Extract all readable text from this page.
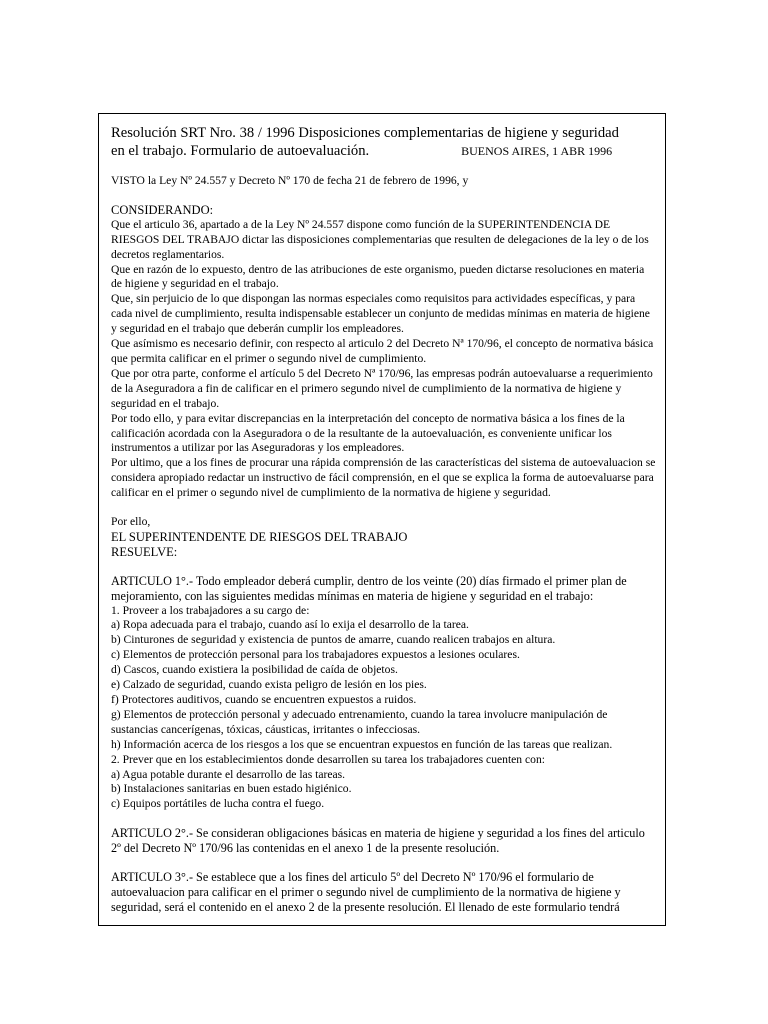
Resolución SRT Nro. 38 / 1996 Disposiciones complementarias de higiene y seguridad
en el trabajo. Formulario de autoevaluación.	BUENOS AIRES, 1 ABR 1996

VISTO la Ley Nº 24.557 y Decreto Nº 170 de fecha 21 de febrero de 1996, y

CONSIDERANDO:

Que el articulo 36, apartado a de la Ley Nº 24.557 dispone como función de la SUPERINTENDENCIA DE RIESGOS DEL TRABAJO dictar las disposiciones complementarias que resulten de delegaciones de la ley o de los decretos reglamentarios.

Que en razón de lo expuesto, dentro de las atribuciones de este organismo, pueden dictarse resoluciones en materia de higiene y seguridad en el trabajo.

Que, sin perjuicio de lo que dispongan las normas especiales como requisitos para actividades específicas, y para cada nivel de cumplimiento, resulta indispensable establecer un conjunto de medidas mínimas en materia de higiene y seguridad en el trabajo que deberán cumplir los empleadores.

Que asímismo es necesario definir, con respecto al articulo 2 del Decreto Nª 170/96, el concepto de normativa básica que permita calificar en el primer o segundo nivel de cumplimiento.

Que por otra parte, conforme el artículo 5 del Decreto Nª 170/96, las empresas podrán autoevaluarse a requerimiento de la Aseguradora a fin de calificar en el primero segundo nivel de cumplimiento de la normativa de higiene y seguridad en el trabajo.

Por todo ello, y para evitar discrepancias en la interpretación del concepto de normativa básica a los fines de la calificación acordada con la Aseguradora o de la resultante de la autoevaluación, es conveniente unificar los instrumentos a utilizar por las Aseguradoras y los empleadores.

Por ultimo, que a los fines de procurar una rápida comprensión de las características del sistema de autoevaluacion se considera apropiado redactar un instructivo de fácil comprensión, en el que se explica la forma de autoevaluarse para calificar en el primer o segundo nivel de cumplimiento de la normativa de higiene y seguridad.

Por ello,

EL SUPERINTENDENTE DE RIESGOS DEL TRABAJO

RESUELVE:

ARTICULO 1°.- Todo empleador deberá cumplir, dentro de los veinte (20) días firmado el primer plan de mejoramiento, con las siguientes medidas mínimas en materia de higiene y seguridad en el trabajo:

1. Proveer a los trabajadores a su cargo de:

a) Ropa adecuada para el trabajo, cuando así lo exija el desarrollo de la tarea.

b) Cinturones de seguridad y existencia de puntos de amarre, cuando realicen trabajos en altura.

c) Elementos de protección personal para los trabajadores expuestos a lesiones oculares.

d) Cascos, cuando existiera la posibilidad de caída de objetos.

e) Calzado de seguridad, cuando exista peligro de lesión en los pies.

f) Protectores auditivos, cuando se encuentren expuestos a ruidos.

g) Elementos de protección personal y adecuado entrenamiento, cuando la tarea involucre manipulación de sustancias cancerígenas, tóxicas, cáusticas, irritantes o infecciosas.

h) Información acerca de los riesgos a los que se encuentran expuestos en función de las tareas que realizan.

2. Prever que en los establecimientos donde desarrollen su tarea los trabajadores cuenten con:

a) Agua potable durante el desarrollo de las tareas.

b) Instalaciones sanitarias en buen estado higiénico.

c) Equipos portátiles de lucha contra el fuego.

ARTICULO 2°.- Se consideran obligaciones básicas en materia de higiene y seguridad a los fines del articulo 2º del Decreto Nº 170/96 las contenidas en el anexo 1 de la presente resolución.

ARTICULO 3°.- Se establece que a los fines del articulo 5º del Decreto Nº 170/96 el formulario de autoevaluacion para calificar en el primer o segundo nivel de cumplimiento de la normativa de higiene y seguridad, será el contenido en el anexo 2 de la presente resolución. El llenado de este formulario tendrá
